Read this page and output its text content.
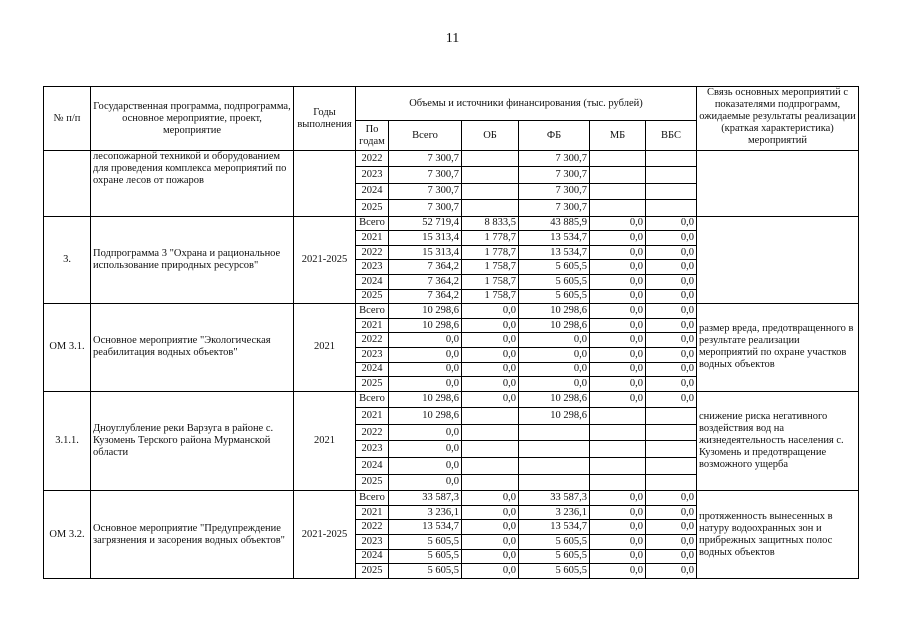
11
№ п/п	Государственная программа, подпрограмма, основное мероприятие, проект, мероприятие	Годы выполнения	Объемы и источники финансирования (тыс. рублей)						Связь основных мероприятий с показателями подпрограмм, ожидаемые результаты реализации (краткая характеристика) мероприятий
			По годам	Всего	ОБ	ФБ	МБ	ВБС	
	лесопожарной техникой и оборудованием для проведения комплекса мероприятий по охране лесов от пожаров		2022	7 300,7		7 300,7			
			2023	7 300,7		7 300,7			
			2024	7 300,7		7 300,7			
			2025	7 300,7		7 300,7			
3.	Подпрограмма 3 "Охрана и рациональное использование природных ресурсов"	2021-2025	Всего	52 719,4	8 833,5	43 885,9	0,0	0,0	
			2021	15 313,4	1 778,7	13 534,7	0,0	0,0	
			2022	15 313,4	1 778,7	13 534,7	0,0	0,0	
			2023	7 364,2	1 758,7	5 605,5	0,0	0,0	
			2024	7 364,2	1 758,7	5 605,5	0,0	0,0	
			2025	7 364,2	1 758,7	5 605,5	0,0	0,0	
ОМ 3.1.	Основное мероприятие "Экологическая реабилитация водных объектов"	2021	Всего	10 298,6	0,0	10 298,6	0,0	0,0	размер вреда, предотвращенного в результате реализации мероприятий по охране участков водных объектов
			2021	10 298,6	0,0	10 298,6	0,0	0,0	
			2022	0,0	0,0	0,0	0,0	0,0	
			2023	0,0	0,0	0,0	0,0	0,0	
			2024	0,0	0,0	0,0	0,0	0,0	
			2025	0,0	0,0	0,0	0,0	0,0	
3.1.1.	Дноуглубление реки Варзуга в районе с. Кузомень Терского района Мурманской области	2021	Всего	10 298,6	0,0	10 298,6	0,0	0,0	снижение риска негативного воздействия вод на жизнедеятельность населения с. Кузомень и предотвращение возможного ущерба
			2021	10 298,6		10 298,6			
			2022	0,0					
			2023	0,0					
			2024	0,0					
			2025	0,0					
ОМ 3.2.	Основное мероприятие "Предупреждение загрязнения и засорения водных объектов"	2021-2025	Всего	33 587,3	0,0	33 587,3	0,0	0,0	протяженность вынесенных в натуру водоохранных зон и прибрежных защитных полос водных объектов
			2021	3 236,1	0,0	3 236,1	0,0	0,0	
			2022	13 534,7	0,0	13 534,7	0,0	0,0	
			2023	5 605,5	0,0	5 605,5	0,0	0,0	
			2024	5 605,5	0,0	5 605,5	0,0	0,0	
			2025	5 605,5	0,0	5 605,5	0,0	0,0	
